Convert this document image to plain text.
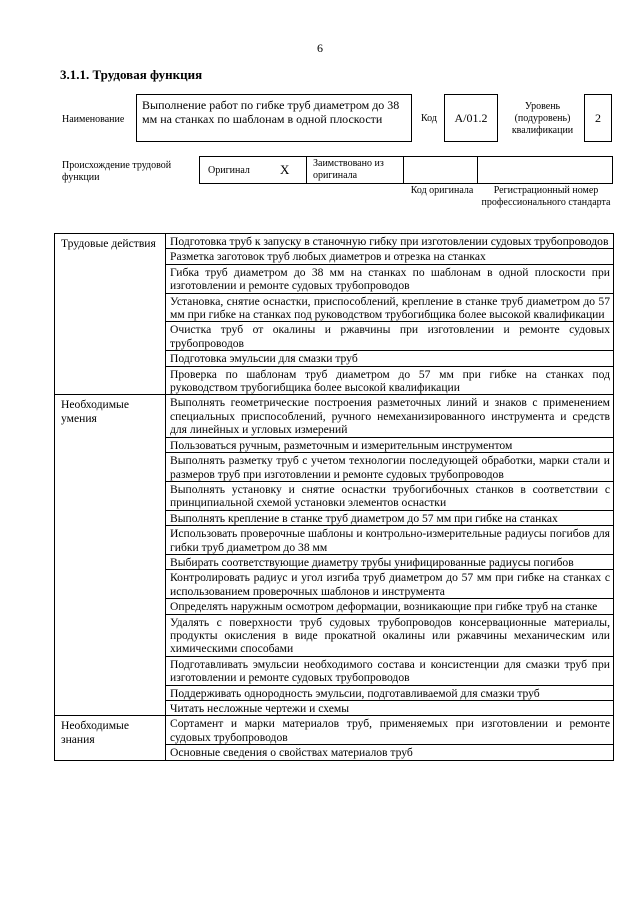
6
3.1.1. Трудовая функция
Наименование
Выполнение работ по гибке труб диаметром до 38 мм на станках по шаблонам в одной плоскости	Код	A/01.2
Уровень (подуровень) квалификации
2
Происхождение трудовой функции
Оригинал X Заимствовано из оригинала
Код оригинала	Регистрационный номер профессионального стандарта
Трудовые действия	Подготовка труб к запуску в станочную гибку при изготовлении судовых трубопроводов
	Разметка заготовок труб любых диаметров и отрезка на станках
	Гибка труб диаметром до 38 мм на станках по шаблонам в одной плоскости при изготовлении и ремонте судовых трубопроводов
	Установка, снятие оснастки, приспособлений, крепление в станке труб диаметром до 57 мм при гибке на станках под руководством трубогибщика более высокой квалификации
	Очистка труб от окалины и ржавчины при изготовлении и ремонте судовых трубопроводов
	Подготовка эмульсии для смазки труб
	Проверка по шаблонам труб диаметром до 57 мм при гибке на станках под руководством трубогибщика более высокой квалификации
Необходимые умения	Выполнять геометрические построения разметочных линий и знаков с применением специальных приспособлений, ручного немеханизированного инструмента и средств для линейных и угловых измерений
	Пользоваться ручным, разметочным и измерительным инструментом
	Выполнять разметку труб с учетом технологии последующей обработки, марки стали и размеров труб при изготовлении и ремонте судовых трубопроводов
	Выполнять установку и снятие оснастки трубогибочных станков в соответствии с принципиальной схемой установки элементов оснастки
	Выполнять крепление в станке труб диаметром до 57 мм при гибке на станках
	Использовать проверочные шаблоны и контрольно-измерительные радиусы погибов для гибки труб диаметром до 38 мм
	Выбирать соответствующие диаметру трубы унифицированные радиусы погибов
	Контролировать радиус и угол изгиба труб диаметром до 57 мм при гибке на станках с использованием проверочных шаблонов и инструмента
	Определять наружным осмотром деформации, возникающие при гибке труб на станке
	Удалять с поверхности труб судовых трубопроводов консервационные материалы, продукты окисления в виде прокатной окалины или ржавчины механическим или химическими способами
	Подготавливать эмульсии необходимого состава и консистенции для смазки труб при изготовлении и ремонте судовых трубопроводов
	Поддерживать однородность эмульсии, подготавливаемой для смазки труб
	Читать несложные чертежи и схемы
Необходимые знания	Сортамент и марки материалов труб, применяемых при изготовлении и ремонте судовых трубопроводов
	Основные сведения о свойствах материалов труб
